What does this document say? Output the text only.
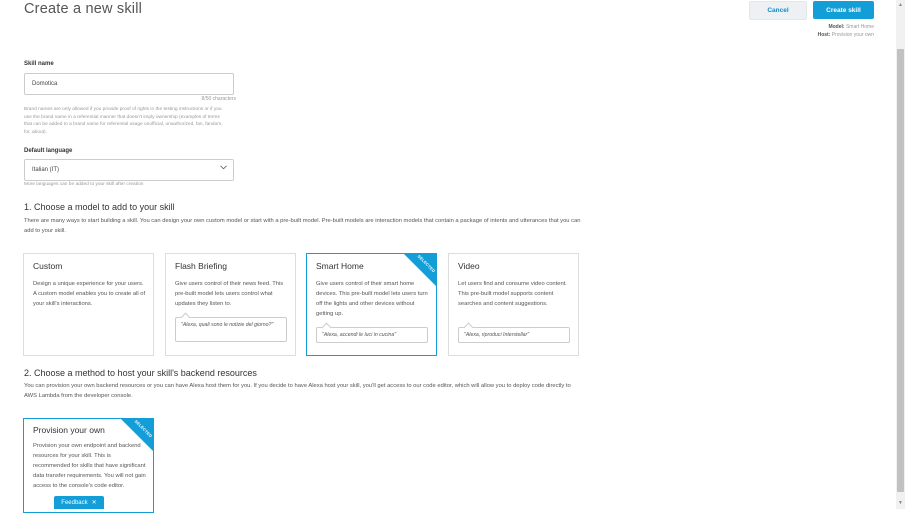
Create a new skill	Cancel	Create skill
Model: Smart Home
Host: Provision your own
Skill name
Domotica
8/50 characters
Brand names are only allowed if you provide proof of rights in the testing instructions or if you use the brand name in a referential manner that doesn't imply ownership (examples of terms that can be added to a brand name for referential usage unofficial, unauthorized, fan, fandom, for, about).
Default language
Italian (IT)
More languages can be added to your skill after creation
1. Choose a model to add to your skill
There are many ways to start building a skill. You can design your own custom model or start with a pre-built model. Pre-built models are interaction models that contain a package of intents and utterances that you can add to your skill.
Custom
Design a unique experience for your users. A custom model enables you to create all of your skill's interactions.
Flash Briefing
Give users control of their news feed. This pre-built model lets users control what updates they listen to.
"Alexa, quali sono le notizie del giorno?"
Smart Home
Give users control of their smart home devices. This pre-built model lets users turn off the lights and other devices without getting up.
"Alexa, accendi le luci in cucina"
SELECTED	Video
Let users find and consume video content. This pre-built model supports content searches and content suggestions.
"Alexa, riproduci Interstellar"
2. Choose a method to host your skill's backend resources
You can provision your own backend resources or you can have Alexa host them for you. If you decide to have Alexa host your skill, you'll get access to our code editor, which will allow you to deploy code directly to AWS Lambda from the developer console.
Provision your own
Provision your own endpoint and backend resources for your skill. This is recommended for skills that have significant data transfer requirements. You will not gain access to the console's code editor.
SELECTED
Feedback ✕
▲
▼
